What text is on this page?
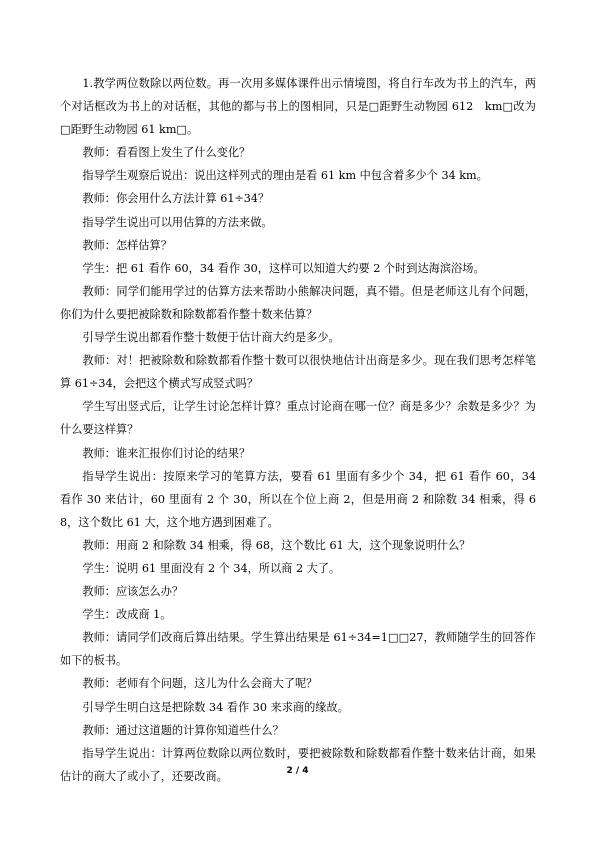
1.教学两位数除以两位数。再一次用多媒体课件出示情境图，将自行车改为书上的汽车，两个对话框改为书上的对话框，其他的都与书上的图相同，只是□距野生动物园 612　km□改为□距野生动物园 61 km□。

教师：看看图上发生了什么变化？

指导学生观察后说出：说出这样列式的理由是看 61 km 中包含着多少个 34 km。

教师：你会用什么方法计算 61÷34？

指导学生说出可以用估算的方法来做。

教师：怎样估算？

学生：把 61 看作 60，34 看作 30，这样可以知道大约要 2 个时到达海滨浴场。

教师：同学们能用学过的估算方法来帮助小熊解决问题，真不错。但是老师这儿有个问题，你们为什么要把被除数和除数都看作整十数来估算？

引导学生说出都看作整十数便于估计商大约是多少。

教师：对！把被除数和除数都看作整十数可以很快地估计出商是多少。现在我们思考怎样笔算 61÷34，会把这个横式写成竖式吗？

学生写出竖式后，让学生讨论怎样计算？重点讨论商在哪一位？商是多少？余数是多少？为什么要这样算？

教师：谁来汇报你们讨论的结果？

指导学生说出：按原来学习的笔算方法，要看 61 里面有多少个 34，把 61 看作 60，34 看作 30 来估计，60 里面有 2 个 30，所以在个位上商 2，但是用商 2 和除数 34 相乘，得 68，这个数比 61 大，这个地方遇到困难了。

教师：用商 2 和除数 34 相乘，得 68，这个数比 61 大，这个现象说明什么？

学生：说明 61 里面没有 2 个 34，所以商 2 大了。

教师：应该怎么办？

学生：改成商 1。

教师：请同学们改商后算出结果。学生算出结果是 61÷34=1□□27，教师随学生的回答作如下的板书。

教师：老师有个问题，这儿为什么会商大了呢？

引导学生明白这是把除数 34 看作 30 来求商的缘故。

教师：通过这道题的计算你知道些什么？

指导学生说出：计算两位数除以两位数时，要把被除数和除数都看作整十数来估计商，如果估计的商大了或小了，还要改商。	2 / 4
